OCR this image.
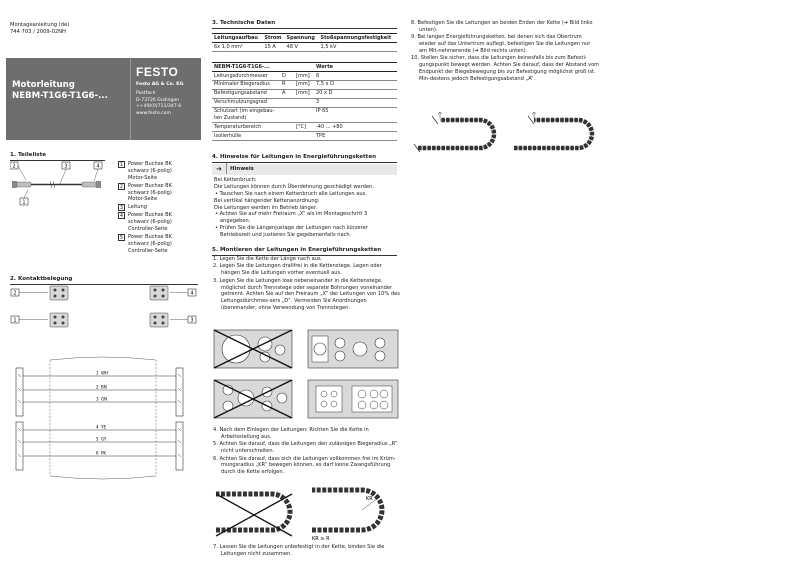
Montageanleitung (de)
744 703 / 2009-02NH
FESTO
Motorleitung
NEBM-T1G6-T1G6-...
Festo AG & Co. KG
Postfach
D-73726 Esslingen
++49/(0)711/347-0
www.festo.com
1. Teileliste
2	3	4
1
1 Power Buchse BK
schwarz (6-polig)
Motor-Seite
2 Power Buchse BK
schwarz (6-polig)
Motor-Seite
3 Leitung
4 Power Buchse BK
schwarz (6-polig)
Controller-Seite
5 Power Buchse BK
schwarz (6-polig)
Controller-Seite
2. Kontaktbelegung
2	4
1	3
1 WH
2 BN
3 GN
4 YE
5 GY
6 PK
3. Technische Daten
Leitungsaufbau	Strom	Spannung	Stoßspannungsfestigkeit
6x 1,0 mm²	15 A	48 V	1,5 kV
NEBM-T1G6-T1G6-...			Werte
Leitungsdurchmesser	D	[mm]	8
Minimaler Biegeradius	R	[mm]	7,5 x D
Befestigungsabstand	A	[mm]	20 x D
Verschmutzungsgrad			3
Schutzart (im eingebau-ten Zustand)			IP 65
Temperaturbereich		[°C]	-40 ... +80
Isolierhülle			TPE
4. Hinweise für Leitungen in Energieführungsketten
➔ Hinweis
Bei Kettenbruch:
Die Leitungen können durch Überdehnung geschädigt werden.
• Tauschen Sie nach einem Kettenbruch alle Leitungen aus.
Bei vertikal hängender Kettenanordnung:
Die Leitungen werden im Betrieb länger.
• Achten Sie auf mehr Freiraum „X“ als im Montageschritt 3 angegeben.
• Prüfen Sie die Längenjustage der Leitungen nach kürzerer Betriebszeit und justieren Sie gegebenenfalls nach.
5. Montieren der Leitungen in Energieführungsketten
1. Legen Sie die Kette der Länge nach aus.
2. Legen Sie die Leitungen drallfrei in die Kettenstege. Legen oder hängen Sie die Leitungen vorher eventuell aus.
3. Legen Sie die Leitungen lose nebeneinander in die Kettenstege, möglichst durch Trennstege oder separate Bohrungen voneinander getrennt. Achten Sie auf den Freiraum „X“ der Leitungen von 10% des Leitungsdurchmes-sers „D“. Vermeiden Sie Anordnungen übereinander, ohne Verwendung von Trennstegen.
4. Nach dem Einlegen der Leitungen: Richten Sie die Kette in Arbeitsstellung aus.
5. Achten Sie darauf, dass die Leitungen den zulässigen Biegeradius „R“ nicht unterschreiten.
6. Achten Sie darauf, dass sich die Leitungen vollkommen frei im Krüm-mungsradius „KR“ bewegen können, es darf keine Zwangsführung durch die Kette erfolgen.
KR
KR ≥ R
7. Lassen Sie die Leitungen unbefestigt in der Kette, binden Sie die Leitungen nicht zusammen.
8. Befestigen Sie die Leitungen an beiden Enden der Kette (➔ Bild links unten).
9. Bei langen Energieführungsketten, bei denen sich das Obertrum wieder auf das Untertrum auflegt, befestigen Sie die Leitungen nur am Mit-nehmerende (➔ Bild rechts unten).
10. Stellen Sie sicher, dass die Leitungen keinesfalls bis zum Befesti-gungspunkt bewegt werden. Achten Sie darauf, dass der Abstand vom Endpunkt der Biegebewegung bis zur Befestigung möglichst groß ist. Min-destens jedoch Befestigungsabstand „A“.
